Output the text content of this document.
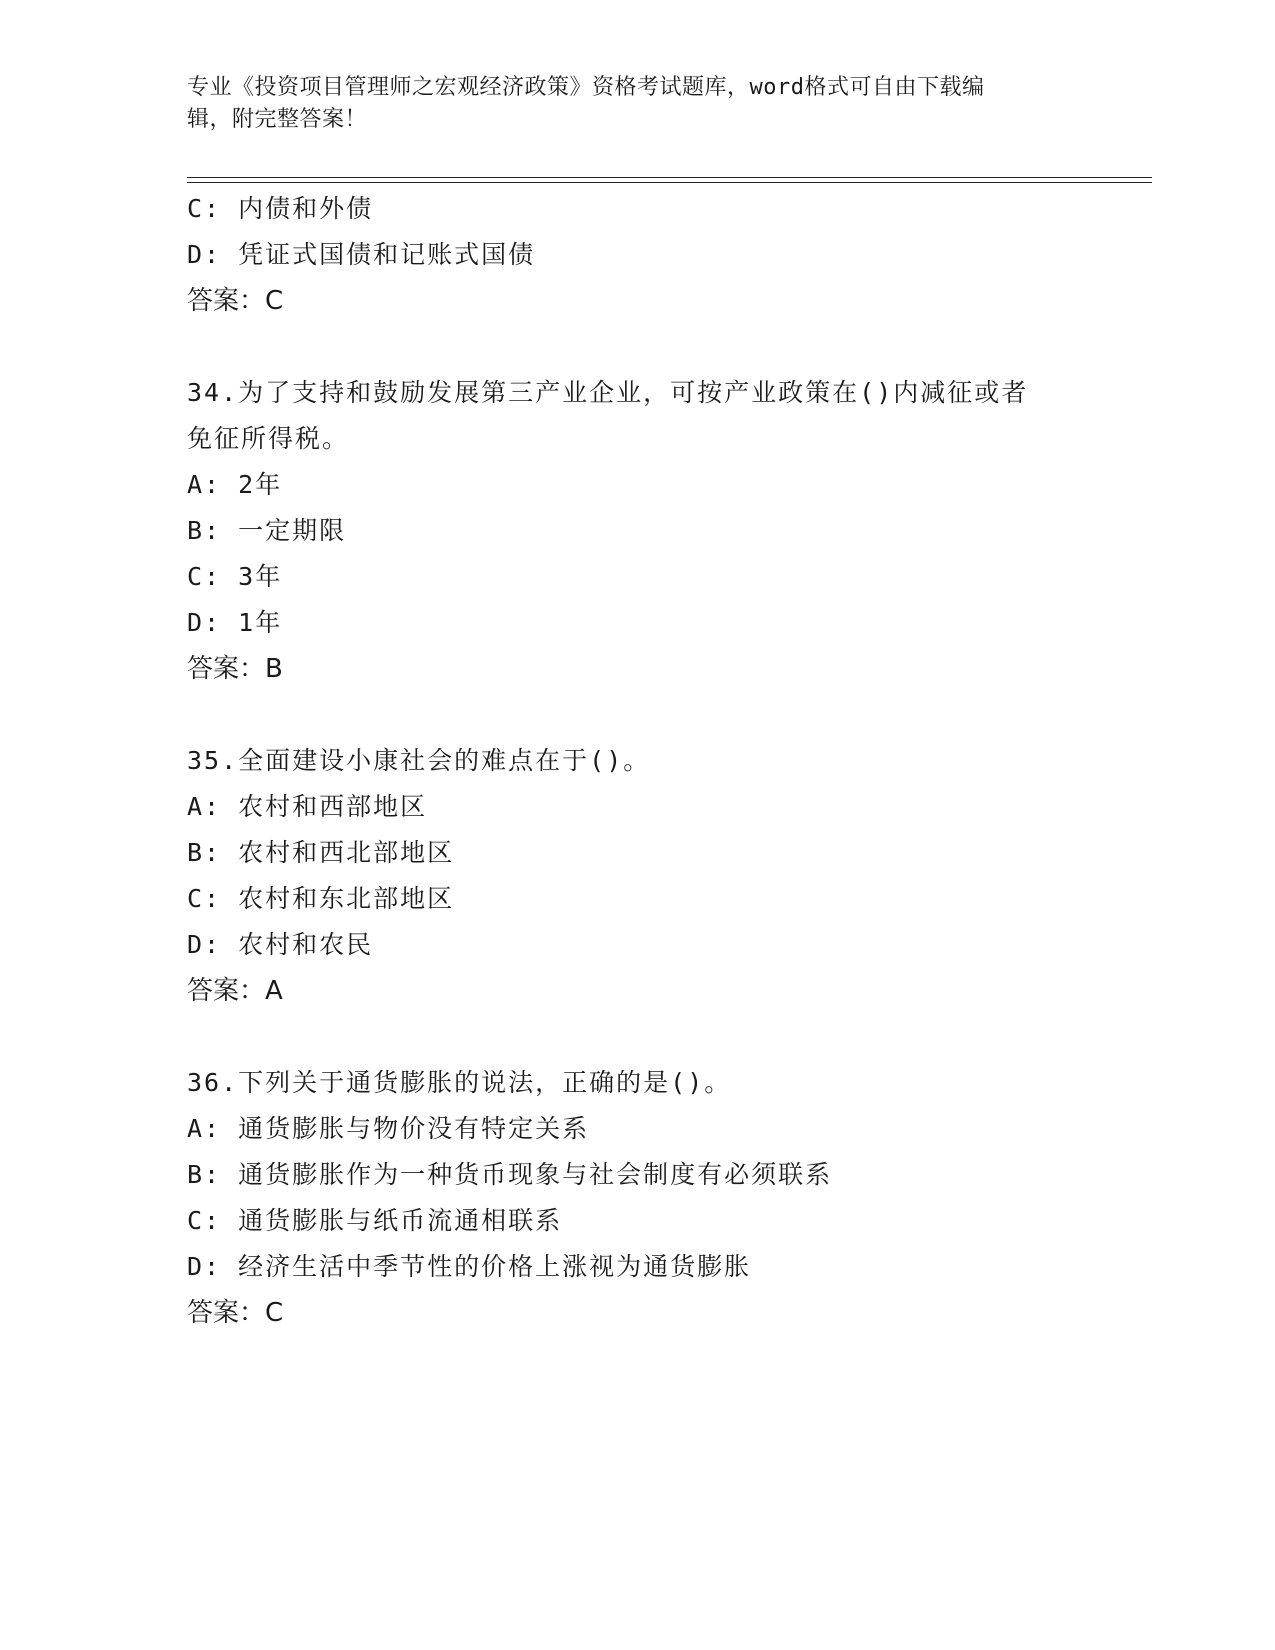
专业《投资项目管理师之宏观经济政策》资格考试题库，word格式可自由下载编
辑，附完整答案！
C: 内债和外债
D: 凭证式国债和记账式国债
答案：C
34.为了支持和鼓励发展第三产业企业，可按产业政策在()内减征或者
免征所得税。
A: 2年
B: 一定期限
C: 3年
D: 1年
答案：B
35.全面建设小康社会的难点在于()。
A: 农村和西部地区
B: 农村和西北部地区
C: 农村和东北部地区
D: 农村和农民
答案：A
36.下列关于通货膨胀的说法，正确的是()。
A: 通货膨胀与物价没有特定关系
B: 通货膨胀作为一种货币现象与社会制度有必须联系
C: 通货膨胀与纸币流通相联系
D: 经济生活中季节性的价格上涨视为通货膨胀
答案：C
